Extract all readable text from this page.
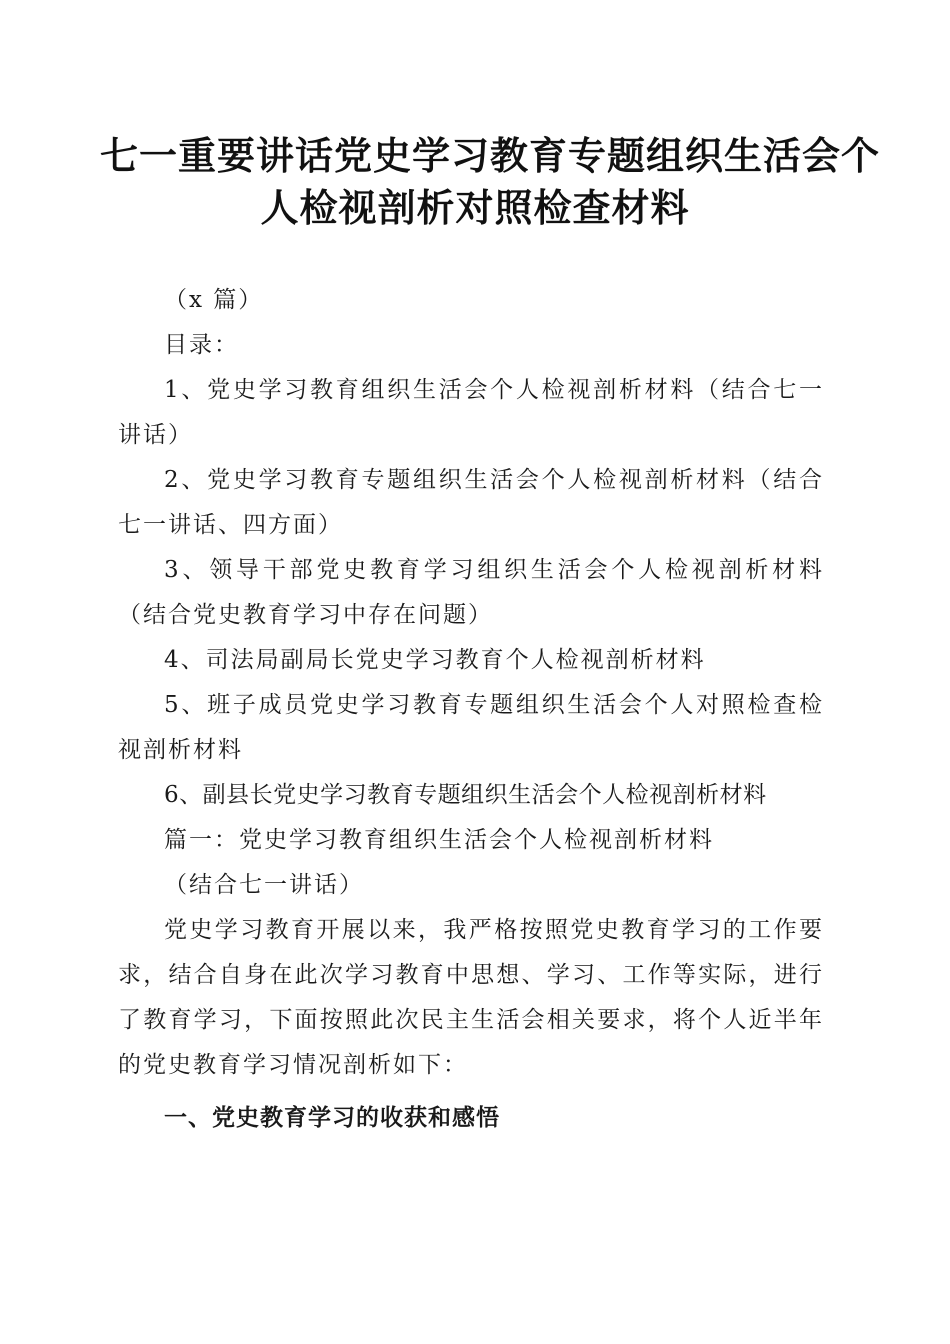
七一重要讲话党史学习教育专题组织生活会个
人检视剖析对照检查材料

（x 篇）

目录：

1、党史学习教育组织生活会个人检视剖析材料（结合七一讲话）

2、党史学习教育专题组织生活会个人检视剖析材料（结合七一讲话、四方面）

3、领导干部党史教育学习组织生活会个人检视剖析材料（结合党史教育学习中存在问题）

4、司法局副局长党史学习教育个人检视剖析材料

5、班子成员党史学习教育专题组织生活会个人对照检查检视剖析材料

6、副县长党史学习教育专题组织生活会个人检视剖析材料

篇一：党史学习教育组织生活会个人检视剖析材料

（结合七一讲话）

党史学习教育开展以来，我严格按照党史教育学习的工作要求，结合自身在此次学习教育中思想、学习、工作等实际，进行了教育学习，下面按照此次民主生活会相关要求，将个人近半年的党史教育学习情况剖析如下：

一、党史教育学习的收获和感悟
